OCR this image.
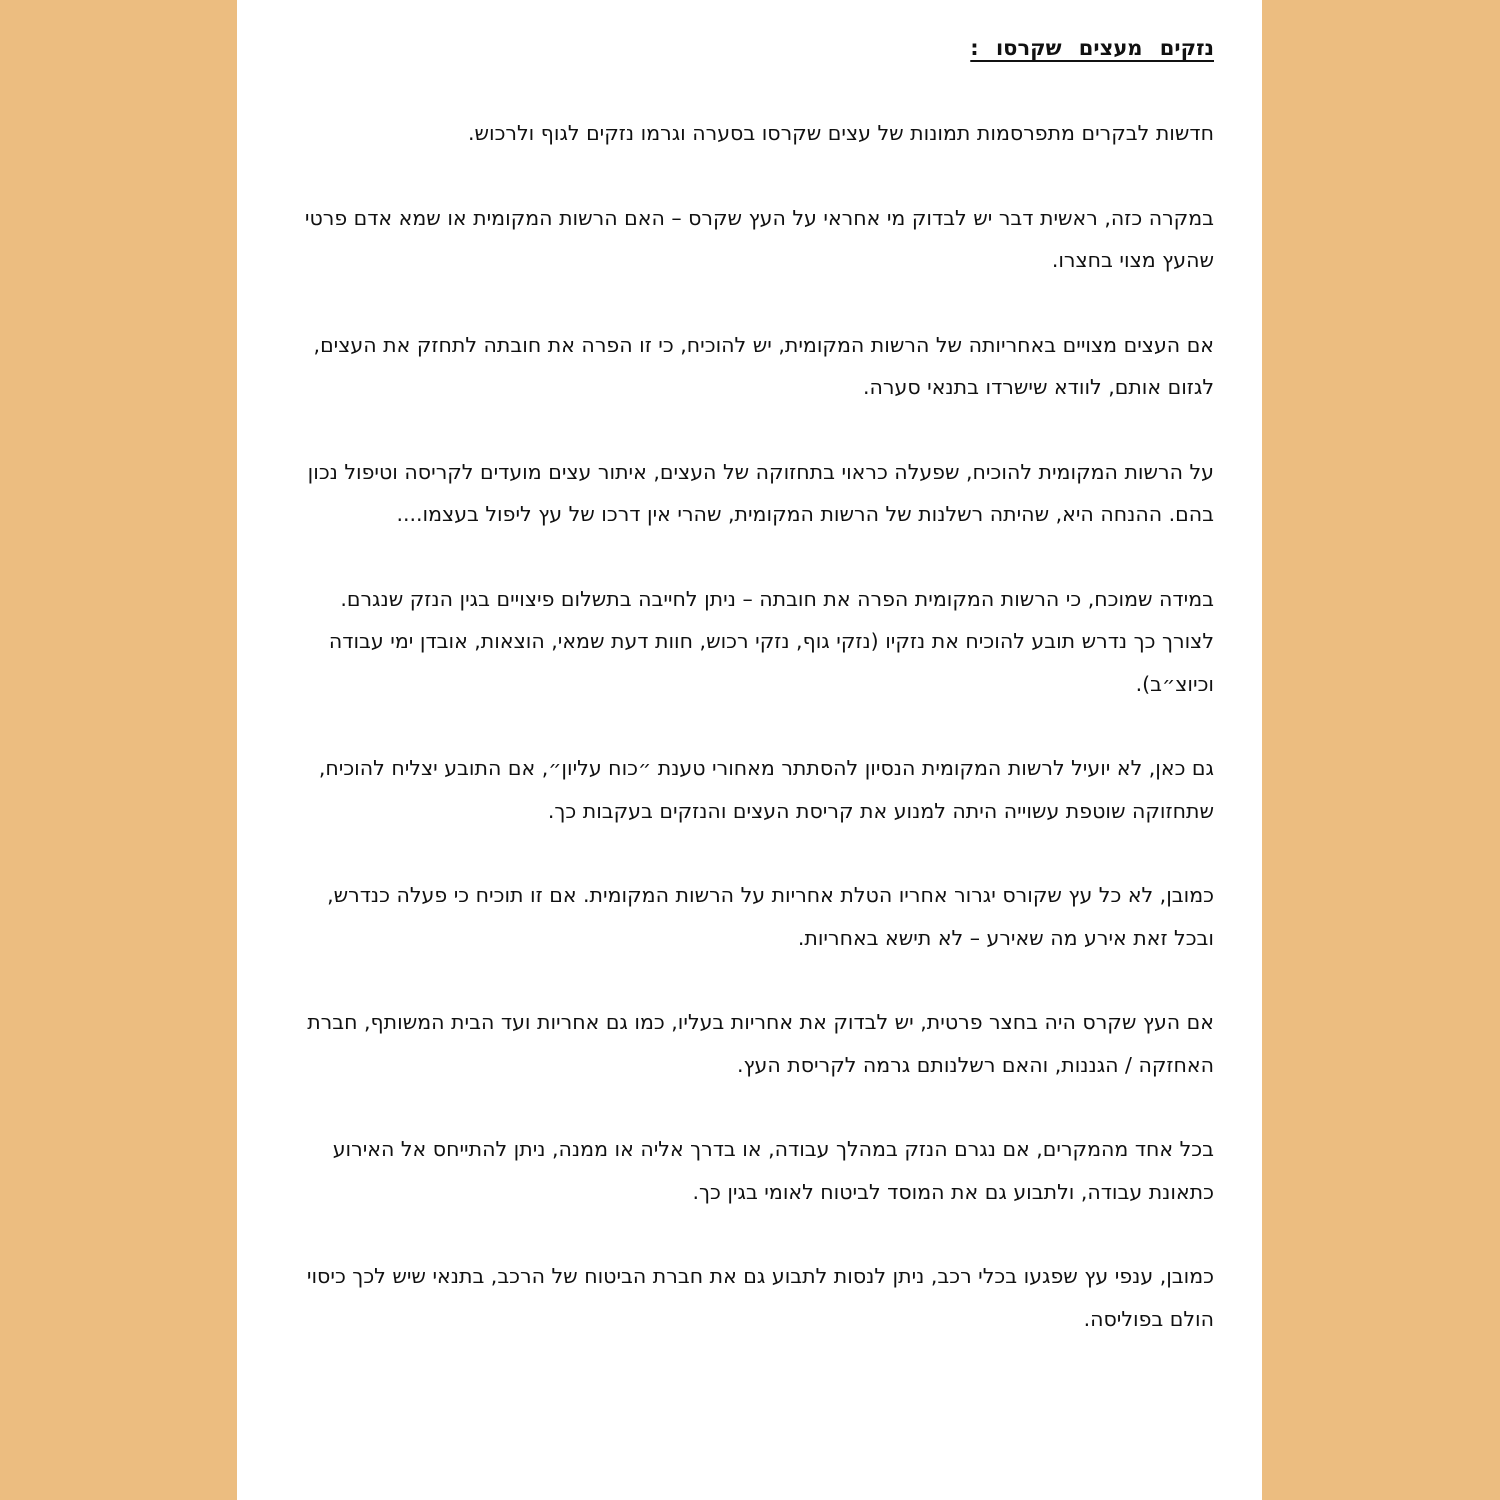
נזקים מעצים שקרסו :

חדשות לבקרים מתפרסמות תמונות של עצים שקרסו בסערה וגרמו נזקים לגוף ולרכוש.

במקרה כזה, ראשית דבר יש לבדוק מי אחראי על העץ שקרס – האם הרשות המקומית או שמא אדם פרטי שהעץ מצוי בחצרו.

אם העצים מצויים באחריותה של הרשות המקומית, יש להוכיח, כי זו הפרה את חובתה לתחזק את העצים, לגזום אותם, לוודא שישרדו בתנאי סערה.

על הרשות המקומית להוכיח, שפעלה כראוי בתחזוקה של העצים, איתור עצים מועדים לקריסה וטיפול נכון בהם. ההנחה היא, שהיתה רשלנות של הרשות המקומית, שהרי אין דרכו של עץ ליפול בעצמו....

במידה שמוכח, כי הרשות המקומית הפרה את חובתה – ניתן לחייבה בתשלום פיצויים בגין הנזק שנגרם. לצורך כך נדרש תובע להוכיח את נזקיו (נזקי גוף, נזקי רכוש, חוות דעת שמאי, הוצאות, אובדן ימי עבודה וכיוצ״ב).

גם כאן, לא יועיל לרשות המקומית הנסיון להסתתר מאחורי טענת ״כוח עליון״, אם התובע יצליח להוכיח, שתחזוקה שוטפת עשוייה היתה למנוע את קריסת העצים והנזקים בעקבות כך.

כמובן, לא כל עץ שקורס יגרור אחריו הטלת אחריות על הרשות המקומית. אם זו תוכיח כי פעלה כנדרש, ובכל זאת אירע מה שאירע – לא תישא באחריות.

אם העץ שקרס היה בחצר פרטית, יש לבדוק את אחריות בעליו, כמו גם אחריות ועד הבית המשותף, חברת האחזקה / הגננות, והאם רשלנותם גרמה לקריסת העץ.

בכל אחד מהמקרים, אם נגרם הנזק במהלך עבודה, או בדרך אליה או ממנה, ניתן להתייחס אל האירוע כתאונת עבודה, ולתבוע גם את המוסד לביטוח לאומי בגין כך.

כמובן, ענפי עץ שפגעו בכלי רכב, ניתן לנסות לתבוע גם את חברת הביטוח של הרכב, בתנאי שיש לכך כיסוי הולם בפוליסה.
